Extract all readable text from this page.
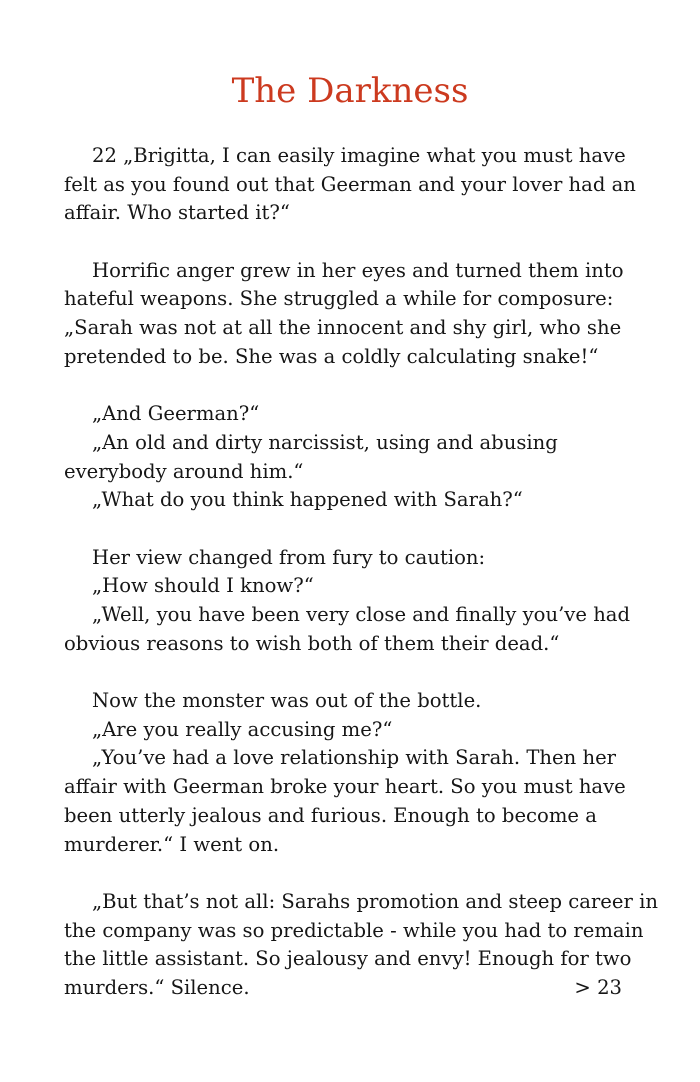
The Darkness
22 „Brigitta, I can easily imagine what you must have
felt as you found out that Geerman and your lover had an
affair. Who started it?“
Horrific anger grew in her eyes and turned them into
hateful weapons. She struggled a while for composure:
„Sarah was not at all the innocent and shy girl, who she
pretended to be. She was a coldly calculating snake!“
„And Geerman?“
„An old and dirty narcissist, using and abusing
everybody around him.“
„What do you think happened with Sarah?“
Her view changed from fury to caution:
„How should I know?“
„Well, you have been very close and finally you’ve had
obvious reasons to wish both of them their dead.“
Now the monster was out of the bottle.
„Are you really accusing me?“
„You’ve had a love relationship with Sarah. Then her
affair with Geerman broke your heart. So you must have
been utterly jealous and furious. Enough to become a
murderer.“ I went on.
„But that’s not all: Sarahs promotion and steep career in
the company was so predictable - while you had to remain
the little assistant. So jealousy and envy! Enough for two
murders.“ Silence.	> 23
